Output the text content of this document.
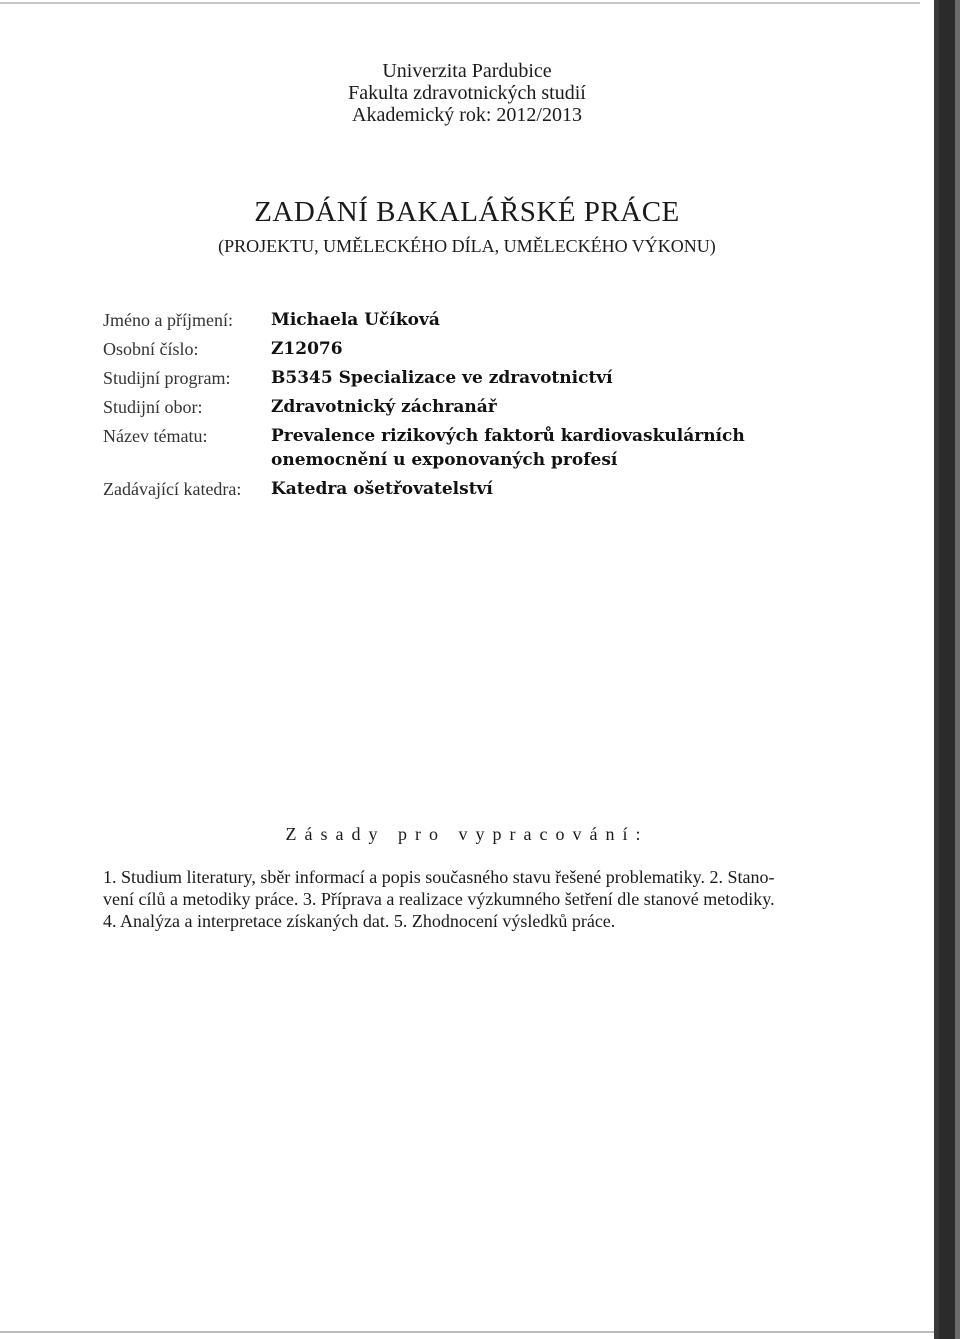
Univerzita Pardubice
Fakulta zdravotnických studií
Akademický rok: 2012/2013
ZADÁNÍ BAKALÁŘSKÉ PRÁCE
(PROJEKTU, UMĚLECKÉHO DÍLA, UMĚLECKÉHO VÝKONU)
Jméno a příjmení:	Michaela Učíková
Osobní číslo:	Z12076
Studijní program:	B5345 Specializace ve zdravotnictví
Studijní obor:	Zdravotnický záchranář
Název tématu:	Prevalence rizikových faktorů kardiovaskulárních onemocnění u exponovaných profesí
Zadávající katedra:	Katedra ošetřovatelství
Zásady pro vypracování:
1. Studium literatury, sběr informací a popis současného stavu řešené problematiky. 2. Stano-
vení cílů a metodiky práce. 3. Příprava a realizace výzkumného šetření dle stanové metodiky.
4. Analýza a interpretace získaných dat. 5. Zhodnocení výsledků práce.
